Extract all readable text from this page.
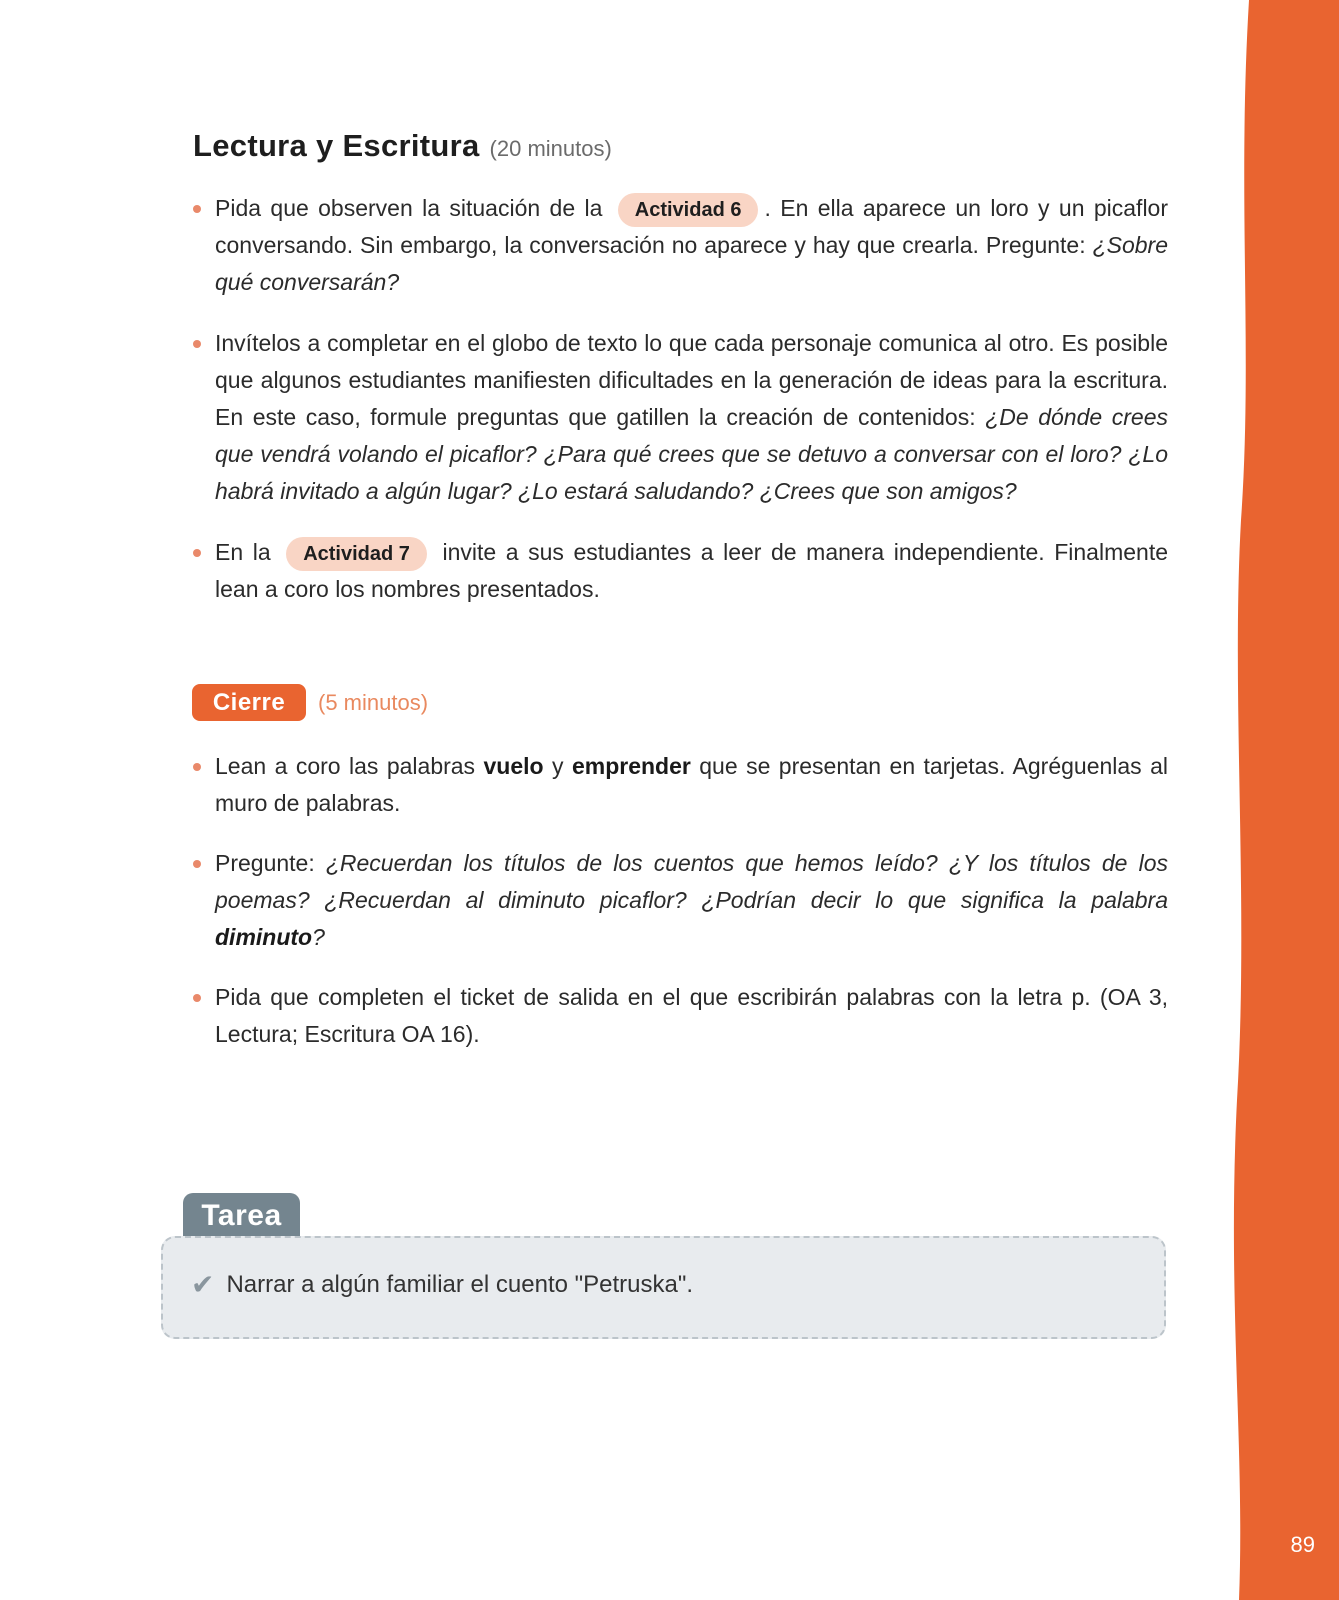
89
Lectura y Escritura (20 minutos)
Pida que observen la situación de la Actividad 6 . En ella aparece un loro y un picaflor conversando. Sin embargo, la conversación no aparece y hay que crearla. Pregunte: ¿Sobre qué conversarán?
Invítelos a completar en el globo de texto lo que cada personaje comunica al otro. Es posible que algunos estudiantes manifiesten dificultades en la generación de ideas para la escritura. En este caso, formule preguntas que gatillen la creación de contenidos: ¿De dónde crees que vendrá volando el picaflor? ¿Para qué crees que se detuvo a conversar con el loro? ¿Lo habrá invitado a algún lugar? ¿Lo estará saludando? ¿Crees que son amigos?
En la Actividad 7 invite a sus estudiantes a leer de manera independiente. Finalmente lean a coro los nombres presentados.
Cierre	(5 minutos)
Lean a coro las palabras vuelo y emprender que se presentan en tarjetas. Agréguenlas al muro de palabras.
Pregunte: ¿Recuerdan los títulos de los cuentos que hemos leído? ¿Y los títulos de los poemas? ¿Recuerdan al diminuto picaflor? ¿Podrían decir lo que significa la palabra diminuto?
Pida que completen el ticket de salida en el que escribirán palabras con la letra p. (OA 3, Lectura; Escritura OA 16).
Tarea
✔ Narrar a algún familiar el cuento "Petruska".
